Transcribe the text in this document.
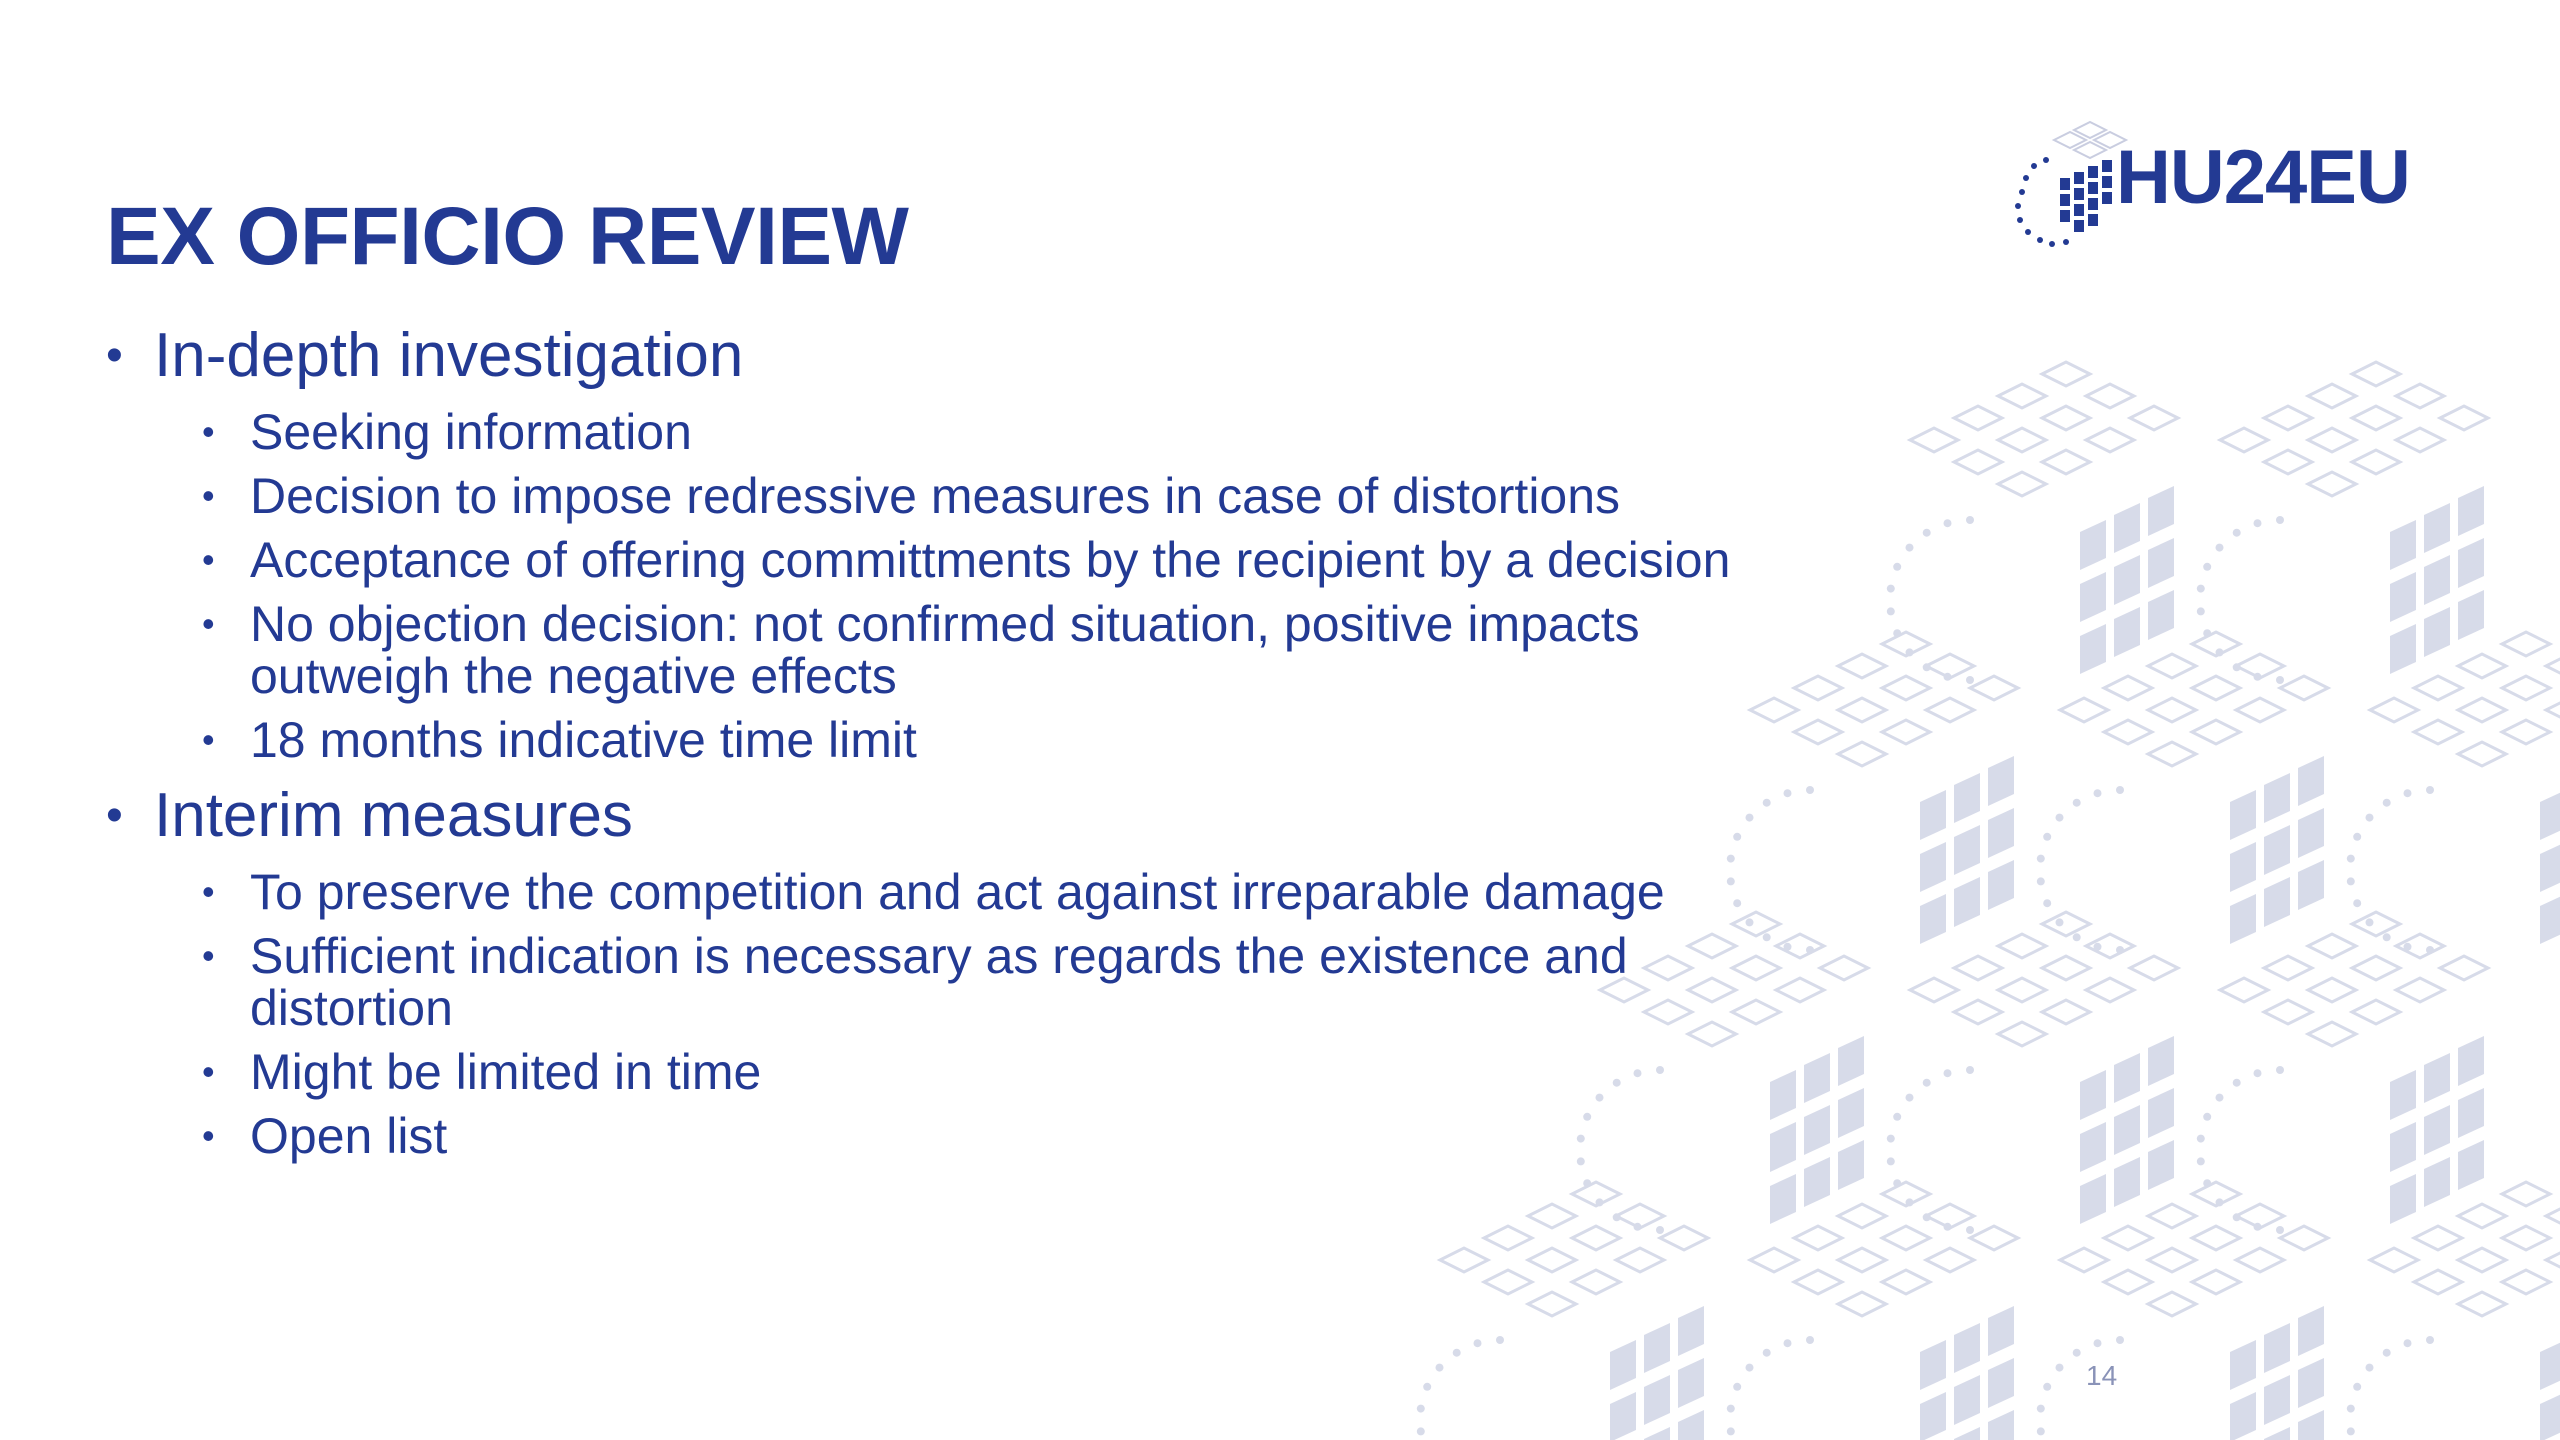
HU24EU
EX OFFICIO REVIEW
• In-depth investigation
• Seeking information
• Decision to impose redressive measures in case of distortions
• Acceptance of offering committments by the recipient by a decision
• No objection decision: not confirmed situation, positive impacts outweigh the negative effects
• 18 months indicative time limit
• Interim measures
• To preserve the competition and act against irreparable damage
• Sufficient indication is necessary as regards the existence and distortion
• Might be limited in time
• Open list
14
